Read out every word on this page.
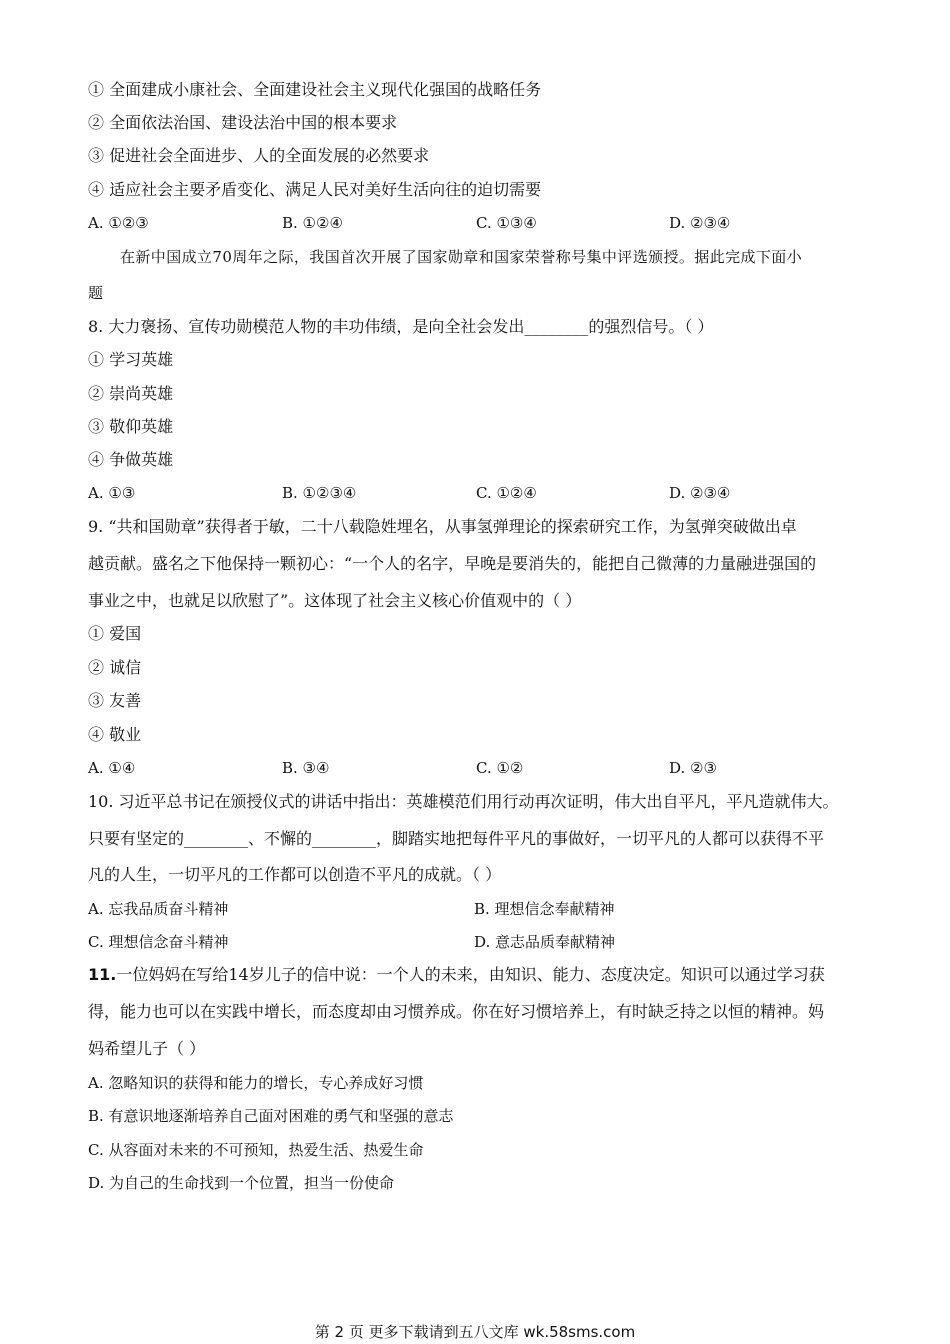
① 全面建成小康社会、全面建设社会主义现代化强国的战略任务

② 全面依法治国、建设法治中国的根本要求

③ 促进社会全面进步、人的全面发展的必然要求

④ 适应社会主要矛盾变化、满足人民对美好生活向往的迫切需要

A. ①②③	B. ①②④	C. ①③④	D. ②③④

在新中国成立70周年之际，我国首次开展了国家勋章和国家荣誉称号集中评选颁授。据此完成下面小

题

8. 大力褒扬、宣传功勋模范人物的丰功伟绩，是向全社会发出________的强烈信号。（ ）

① 学习英雄

② 崇尚英雄

③ 敬仰英雄

④ 争做英雄

A. ①③	B. ①②③④	C. ①②④	D. ②③④

9. “共和国勋章”获得者于敏，二十八载隐姓埋名，从事氢弹理论的探索研究工作，为氢弹突破做出卓

越贡献。盛名之下他保持一颗初心：“一个人的名字，早晚是要消失的，能把自己微薄的力量融进强国的

事业之中，也就足以欣慰了”。这体现了社会主义核心价值观中的（ ）

① 爱国

② 诚信

③ 友善

④ 敬业

A. ①④	B. ③④	C. ①②	D. ②③

10. 习近平总书记在颁授仪式的讲话中指出：英雄模范们用行动再次证明，伟大出自平凡，平凡造就伟大。

只要有坚定的________、不懈的________，脚踏实地把每件平凡的事做好，一切平凡的人都可以获得不平

凡的人生，一切平凡的工作都可以创造不平凡的成就。（ ）

A. 忘我品质奋斗精神	B. 理想信念奉献精神

C. 理想信念奋斗精神	D. 意志品质奉献精神

11.一位妈妈在写给14岁儿子的信中说：一个人的未来，由知识、能力、态度决定。知识可以通过学习获

得，能力也可以在实践中增长，而态度却由习惯养成。你在好习惯培养上，有时缺乏持之以恒的精神。妈

妈希望儿子（ ）

A. 忽略知识的获得和能力的增长，专心养成好习惯

B. 有意识地逐渐培养自己面对困难的勇气和坚强的意志

C. 从容面对未来的不可预知，热爱生活、热爱生命

D. 为自己的生命找到一个位置，担当一份使命

第 2 页 更多下载请到五八文库 wk.58sms.com
